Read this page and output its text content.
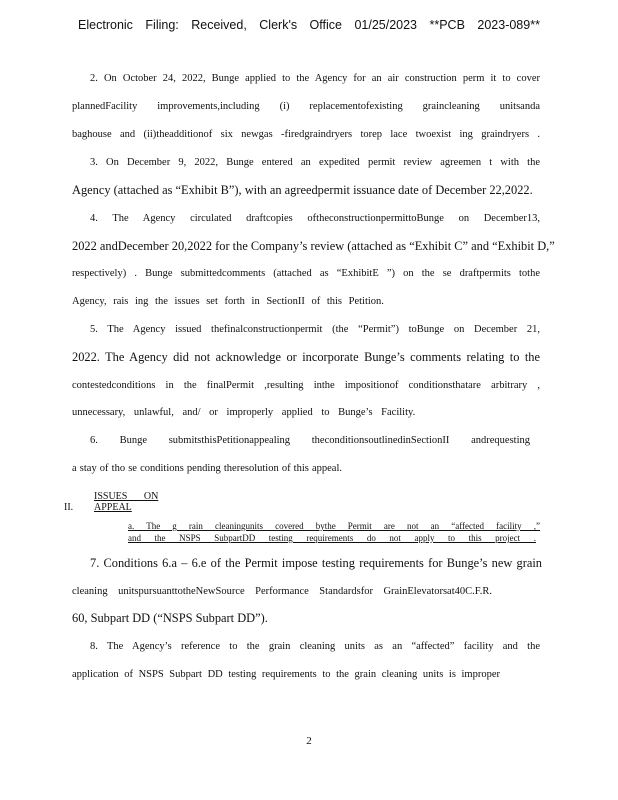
Electronic Filing: Received, Clerk's Office 01/25/2023 **PCB 2023-089**
2. On October 24, 2022, Bunge applied to the Agency for an air construction perm it to cover
plannedFacility improvements,including (i) replacementofexisting graincleaning unitsanda
baghouse and (ii)theadditionof six newgas -firedgraindryers torep lace twoexist ing graindryers .
3. On December 9, 2022, Bunge entered an expedited permit review agreemen t with the
Agency (attached as “Exhibit B”), with an agreedpermit issuance date of December 22,2022.
4. The Agency circulated draftcopies oftheconstructionpermittoBunge on December13,
2022 andDecember 20,2022 for the Company’s review (attached as “Exhibit C” and “Exhibit D,”
respectively) . Bunge submittedcomments (attached as “ExhibitE ”) on the se draftpermits tothe
Agency, rais ing the issues set forth in SectionII of this Petition.
5. The Agency issued thefinalconstructionpermit (the “Permit”) toBunge on December 21,
2022. The Agency did not acknowledge or incorporate Bunge’s comments relating to the
contestedconditions in the finalPermit ,resulting inthe impositionof conditionsthatare arbitrary ,
unnecessary, unlawful, and/ or improperly applied to Bunge’s Facility.
6. Bunge submitsthisPetitionappealing theconditionsoutlinedinSectionII andrequesting
a stay of tho se conditions pending theresolution of this appeal.
II.ISSUES ON APPEAL
a. The g rain cleaningunits covered bythe Permit are not an “affected facility ,”
and the NSPS SubpartDD testing requirements do not apply to this project .
7. Conditions 6.a – 6.e of the Permit impose testing requirements for Bunge’s new grain
cleaning unitspursuanttotheNewSource Performance Standardsfor GrainElevatorsat40C.F.R.
60, Subpart DD (“NSPS Subpart DD”).
8. The Agency’s reference to the grain cleaning units as an “affected” facility and the
application of NSPS Subpart DD testing requirements to the grain cleaning units is improper
2
